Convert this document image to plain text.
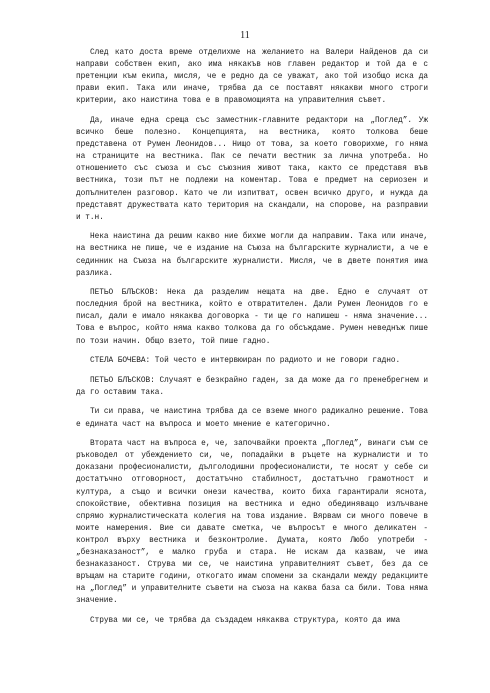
11

След като доста време отделихме на желанието на Валери Найденов да си направи собствен екип, ако има някакъв нов главен редактор и той да е с претенции към екипа, мисля, че е редно да се уважат, ако той изобщо иска да прави екип. Така или иначе, трябва да се поставят някакви много строги критерии, ако наистина това е в правомощията на управителния съвет.

Да, иначе една среща със заместник-главните редактори на „Поглед”. Уж всичко беше полезно. Концепцията, на вестника, която толкова беше представена от Румен Леонидов... Нищо от това, за което говорихме, го няма на страниците на вестника. Пак се печати вестник за лична употреба. Но отношението със съюза и със съюзния живот така, както се представя във вестника, този път не подлежи на коментар. Това е предмет на сериозен и допълнителен разговор. Като че ли изпитват, освен всичко друго, и нужда да представят дружествата като територия на скандали, на спорове, на разправии и т.н.

Нека наистина да решим какво ние бихме могли да направим. Така или иначе, на вестника не пише, че е издание на Съюза на българските журналисти, а че е сединник на Съюза на българските журналисти. Мисля, че в двете понятия има разлика.

ПЕТЬО БЛЪСКОВ: Нека да разделим нещата на две. Едно е случаят от последния брой на вестника, който е отвратителен. Дали Румен Леонидов го е писал, дали е имало някаква договорка - ти ще го напишеш - няма значение... Това е въпрос, който няма какво толкова да го обсъждаме. Румен неведнъж пише по този начин. Общо взето, той пише гадно.

СТЕЛА БОЧЕВА: Той често е интервюиран по радиото и не говори гадно.

ПЕТЬО БЛЪСКОВ: Случаят е безкрайно гаден, за да може да го пренебрегнем и да го оставим така.

Ти си права, че наистина трябва да се вземе много радикално решение. Това е едината част на въпроса и моето мнение е категорично.

Втората част на въпроса е, че, започвайки проекта „Поглед”, винаги съм се ръководел от убеждението си, че, попадайки в ръцете на журналисти и то доказани професионалисти, дълголодишни професионалисти, те носят у себе си достатъчно отговорност, достатъчно стабилност, достатъчно грамотност и култура, а също и всички онези качества, които биха гарантирали яснота, спокойствие, обективна позиция на вестника и едно обединяващо излъчване спрямо журналистическата колегия на това издание. Вярвам си много повече в моите намерения. Вие си давате сметка, че въпросът е много деликатен - контрол върху вестника и безконтролие. Думата, която Любо употреби - „безнаказаност”, е малко груба и стара. Не искам да казвам, че има безнаказаност. Струва ми се, че наистина управителният съвет, без да се връщам на старите години, откогато имам спомени за скандали между редакциите на „Поглед” и управителните съвети на съюза на каква база са били. Това няма значение.

Струва ми се, че трябва да създадем някаква структура, която да има
